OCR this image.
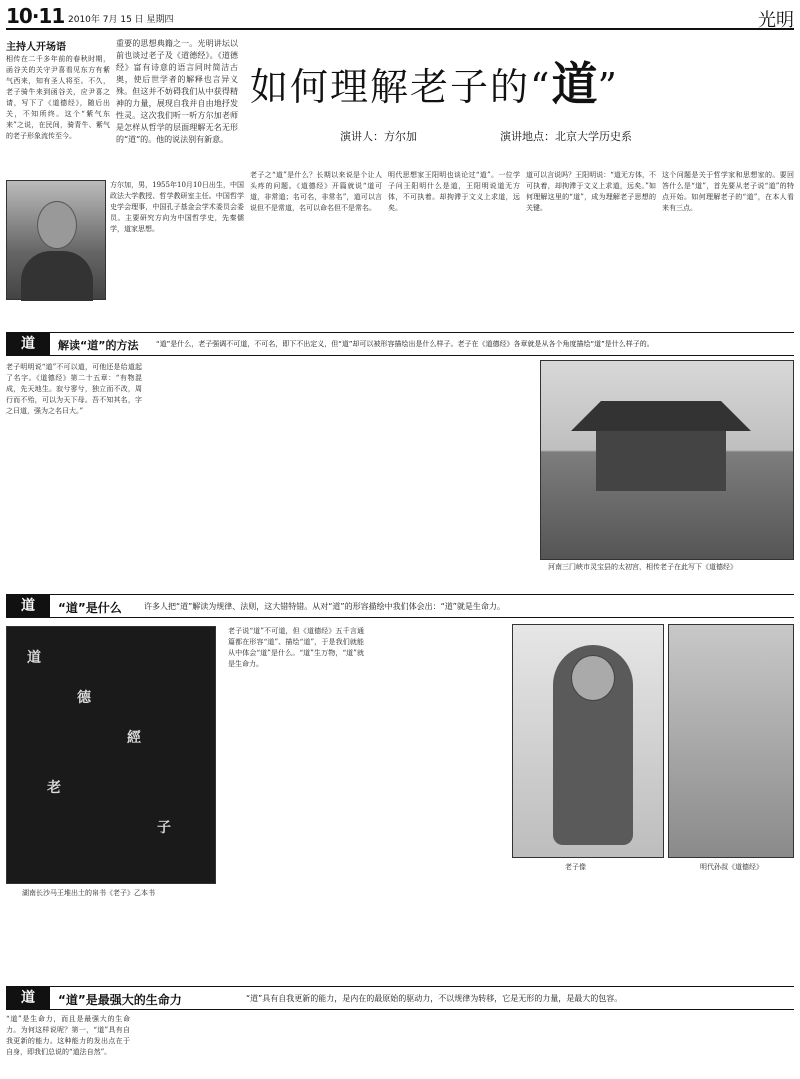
10·11 2010年 7月 15 日 星期四	光明
主持人开场语
相传在二千多年前的春秋时期，函谷关的关守尹喜看见东方有紫气西来，知有圣人将至。不久，老子骑牛来到函谷关，应尹喜之请，写下了《道德经》，随后出关，不知所终。这个“紫气东来”之说，在民间，骑青牛、紫气的老子形象流传至今。
重要的思想典籍之一。光明讲坛以前也谈过老子及《道德经》。《道德经》富有诗意的语言同时简洁古奥，使后世学者的解释也言异义殊。但这并不妨碍我们从中获得精神的力量，展现自我并自由地抒发性灵。这次我们听一听方尔加老师是怎样从哲学的层面理解无名无形的“道”的。他的说法别有新意。
如何理解老子的“道”
演讲人：方尔加	演讲地点：北京大学历史系
方尔加，男，1955年10月10日出生，中国政法大学教授、哲学教研室主任。中国哲学史学会理事，中国孔子基金会学术委员会委员。主要研究方向为中国哲学史，先秦儒学，道家思想。
老子之“道”是什么？长期以来说是个让人头疼的问题。《道德经》开篇就说“道可道，非常道；名可名，非常名”，道可以言说但不是常道，名可以命名但不是常名。
明代思想家王阳明也谈论过“道”。一位学子问王阳明什么是道，王阳明说道无方体，不可执着。却拘滞于文义上求道，远矣。
道可以言说吗？王阳明说：“道无方体，不可执着，却拘滞于文义上求道，远矣。”如何理解这里的“道”，成为理解老子思想的关键。
这个问题是关于哲学家和思想家的。要回答什么是“道”，首先要从老子说“道”的特点开始。如何理解老子的“道”，在本人看来有三点。
道	解读“道”的方法	“道”是什么，老子强调不可道，不可名，即下不出定义，但“道”却可以被形容描绘出是什么样子。老子在《道德经》各章就是从各个角度描绘“道”是什么样子的。
老子明明说“道”不可以道，可他还是给道起了名字。《道德经》第二十五章：“有物混成，先天地生。寂兮寥兮，独立而不改，周行而不殆，可以为天下母。吾不知其名，字之曰道，强为之名曰大。”
河南三门峡市灵宝县的太初宫，相传老子在此写下《道德经》
道	“道”是什么	许多人把“道”解读为规律、法则，这大错特错。从对“道”的形容描绘中我们体会出：“道”就是生命力。
道
德
經
老
子
湖南长沙马王堆出土的帛书《老子》乙本书
老子说“道”不可道，但《道德经》五千言通篇都在形容“道”、描绘“道”，于是我们就能从中体会“道”是什么。“道”生万物，“道”就是生命力。
老子像	明代孙叔《道德经》
道	“道”是最强大的生命力	“道”具有自我更新的能力，是内在的最原始的驱动力，不以规律为转移，它是无形的力量，是最大的包容。
“道”是生命力，而且是最强大的生命力。为何这样说呢？第一，“道”具有自我更新的能力。这种能力的发出点在于自身，即我们总说的“道法自然”。
